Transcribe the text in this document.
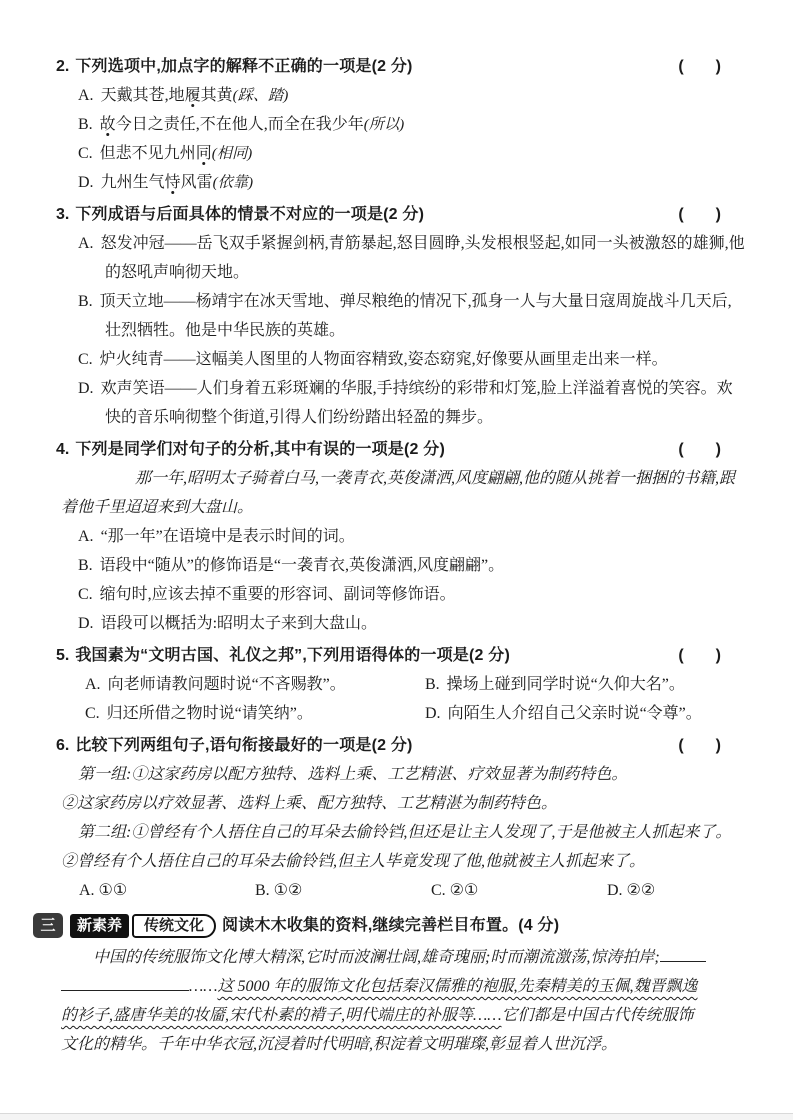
2. 下列选项中,加点字的解释不正确的一项是(2 分)	(　　)
A. 天戴其苍,地履其黄(踩、踏)
B. 故今日之责任,不在他人,而全在我少年(所以)
C. 但悲不见九州同(相同)
D. 九州生气恃风雷(依靠)
3. 下列成语与后面具体的情景不对应的一项是(2 分)	(　　)
A. 怒发冲冠——岳飞双手紧握剑柄,青筋暴起,怒目圆睁,头发根根竖起,如同一头被激怒的雄狮,他的怒吼声响彻天地。
B. 顶天立地——杨靖宇在冰天雪地、弹尽粮绝的情况下,孤身一人与大量日寇周旋战斗几天后,壮烈牺牲。他是中华民族的英雄。
C. 炉火纯青——这幅美人图里的人物面容精致,姿态窈窕,好像要从画里走出来一样。
D. 欢声笑语——人们身着五彩斑斓的华服,手持缤纷的彩带和灯笼,脸上洋溢着喜悦的笑容。欢快的音乐响彻整个街道,引得人们纷纷踏出轻盈的舞步。
4. 下列是同学们对句子的分析,其中有误的一项是(2 分)	(　　)
那一年,昭明太子骑着白马,一袭青衣,英俊潇洒,风度翩翩,他的随从挑着一捆捆的书籍,跟着他千里迢迢来到大盘山。
A. “那一年”在语境中是表示时间的词。
B. 语段中“随从”的修饰语是“一袭青衣,英俊潇洒,风度翩翩”。
C. 缩句时,应该去掉不重要的形容词、副词等修饰语。
D. 语段可以概括为:昭明太子来到大盘山。
5. 我国素为“文明古国、礼仪之邦”,下列用语得体的一项是(2 分)	(　　)
A. 向老师请教问题时说“不吝赐教”。	B. 操场上碰到同学时说“久仰大名”。
C. 归还所借之物时说“请笑纳”。	D. 向陌生人介绍自己父亲时说“令尊”。
6. 比较下列两组句子,语句衔接最好的一项是(2 分)	(　　)
第一组:①这家药房以配方独特、选料上乘、工艺精湛、疗效显著为制药特色。
②这家药房以疗效显著、选料上乘、配方独特、工艺精湛为制药特色。
第二组:①曾经有个人捂住自己的耳朵去偷铃铛,但还是让主人发现了,于是他被主人抓起来了。
②曾经有个人捂住自己的耳朵去偷铃铛,但主人毕竟发现了他,他就被主人抓起来了。
A. ①①	B. ①②	C. ②①	D. ②②
三	新素养	传统文化	阅读木木收集的资料,继续完善栏目布置。(4 分)
中国的传统服饰文化博大精深,它时而波澜壮阔,雄奇瑰丽;时而潮流激荡,惊涛拍岸;
……这 5000 年的服饰文化包括秦汉儒雅的袍服,先秦精美的玉佩,魏晋飘逸
的衫子,盛唐华美的妆靥,宋代朴素的褙子,明代端庄的补服等……它们都是中国古代传统服饰
文化的精华。千年中华衣冠,沉浸着时代明暗,积淀着文明璀璨,彰显着人世沉浮。
